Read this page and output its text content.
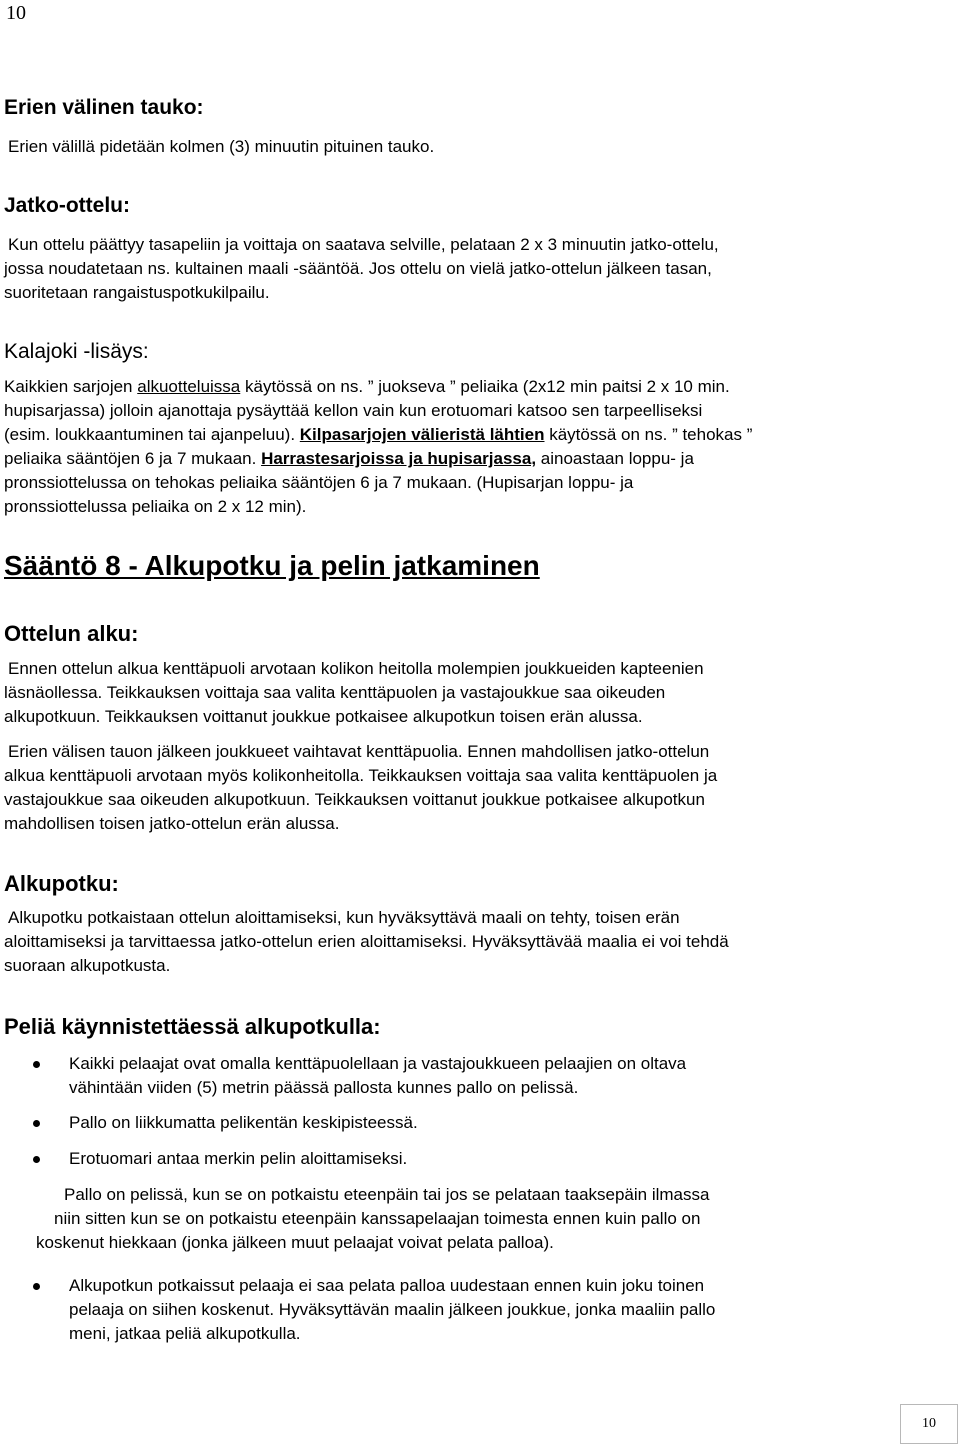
10
Erien välinen tauko:
Erien välillä pidetään kolmen (3) minuutin pituinen tauko.
Jatko-ottelu:
Kun ottelu päättyy tasapeliin ja voittaja on saatava selville, pelataan 2 x 3 minuutin jatko-ottelu,
jossa noudatetaan ns. kultainen maali -sääntöä. Jos ottelu on vielä jatko-ottelun jälkeen tasan,
suoritetaan rangaistuspotkukilpailu.
Kalajoki -lisäys:
Kaikkien sarjojen alkuotteluissa käytössä on ns. ” juokseva ” peliaika (2x12 min paitsi 2 x 10 min.
hupisarjassa) jolloin ajanottaja pysäyttää kellon vain kun erotuomari katsoo sen tarpeelliseksi
(esim. loukkaantuminen tai ajanpeluu). Kilpasarjojen välieristä lähtien käytössä on ns. ” tehokas ”
peliaika sääntöjen 6 ja 7 mukaan. Harrastesarjoissa ja hupisarjassa, ainoastaan loppu- ja
pronssiottelussa on tehokas peliaika sääntöjen 6 ja 7 mukaan. (Hupisarjan loppu- ja
pronssiottelussa peliaika on 2 x 12 min).
Sääntö 8 - Alkupotku ja pelin jatkaminen
Ottelun alku:
Ennen ottelun alkua kenttäpuoli arvotaan kolikon heitolla molempien joukkueiden kapteenien
läsnäollessa. Teikkauksen voittaja saa valita kenttäpuolen ja vastajoukkue saa oikeuden
alkupotkuun. Teikkauksen voittanut joukkue potkaisee alkupotkun toisen erän alussa.
Erien välisen tauon jälkeen joukkueet vaihtavat kenttäpuolia. Ennen mahdollisen jatko-ottelun
alkua kenttäpuoli arvotaan myös kolikonheitolla. Teikkauksen voittaja saa valita kenttäpuolen ja
vastajoukkue saa oikeuden alkupotkuun. Teikkauksen voittanut joukkue potkaisee alkupotkun
mahdollisen toisen jatko-ottelun erän alussa.
Alkupotku:
Alkupotku potkaistaan ottelun aloittamiseksi, kun hyväksyttävä maali on tehty, toisen erän
aloittamiseksi ja tarvittaessa jatko-ottelun erien aloittamiseksi. Hyväksyttävää maalia ei voi tehdä
suoraan alkupotkusta.
Peliä käynnistettäessä alkupotkulla:
Kaikki pelaajat ovat omalla kenttäpuolellaan ja vastajoukkueen pelaajien on oltava
vähintään viiden (5) metrin päässä pallosta kunnes pallo on pelissä.
Pallo on liikkumatta pelikentän keskipisteessä.
Erotuomari antaa merkin pelin aloittamiseksi.
Pallo on pelissä, kun se on potkaistu eteenpäin tai jos se pelataan taaksepäin ilmassa
niin sitten kun se on potkaistu eteenpäin kanssapelaajan toimesta ennen kuin pallo on
koskenut hiekkaan (jonka jälkeen muut pelaajat voivat pelata palloa).
Alkupotkun potkaissut pelaaja ei saa pelata palloa uudestaan ennen kuin joku toinen
pelaaja on siihen koskenut. Hyväksyttävän maalin jälkeen joukkue, jonka maaliin pallo
meni, jatkaa peliä alkupotkulla.
10
